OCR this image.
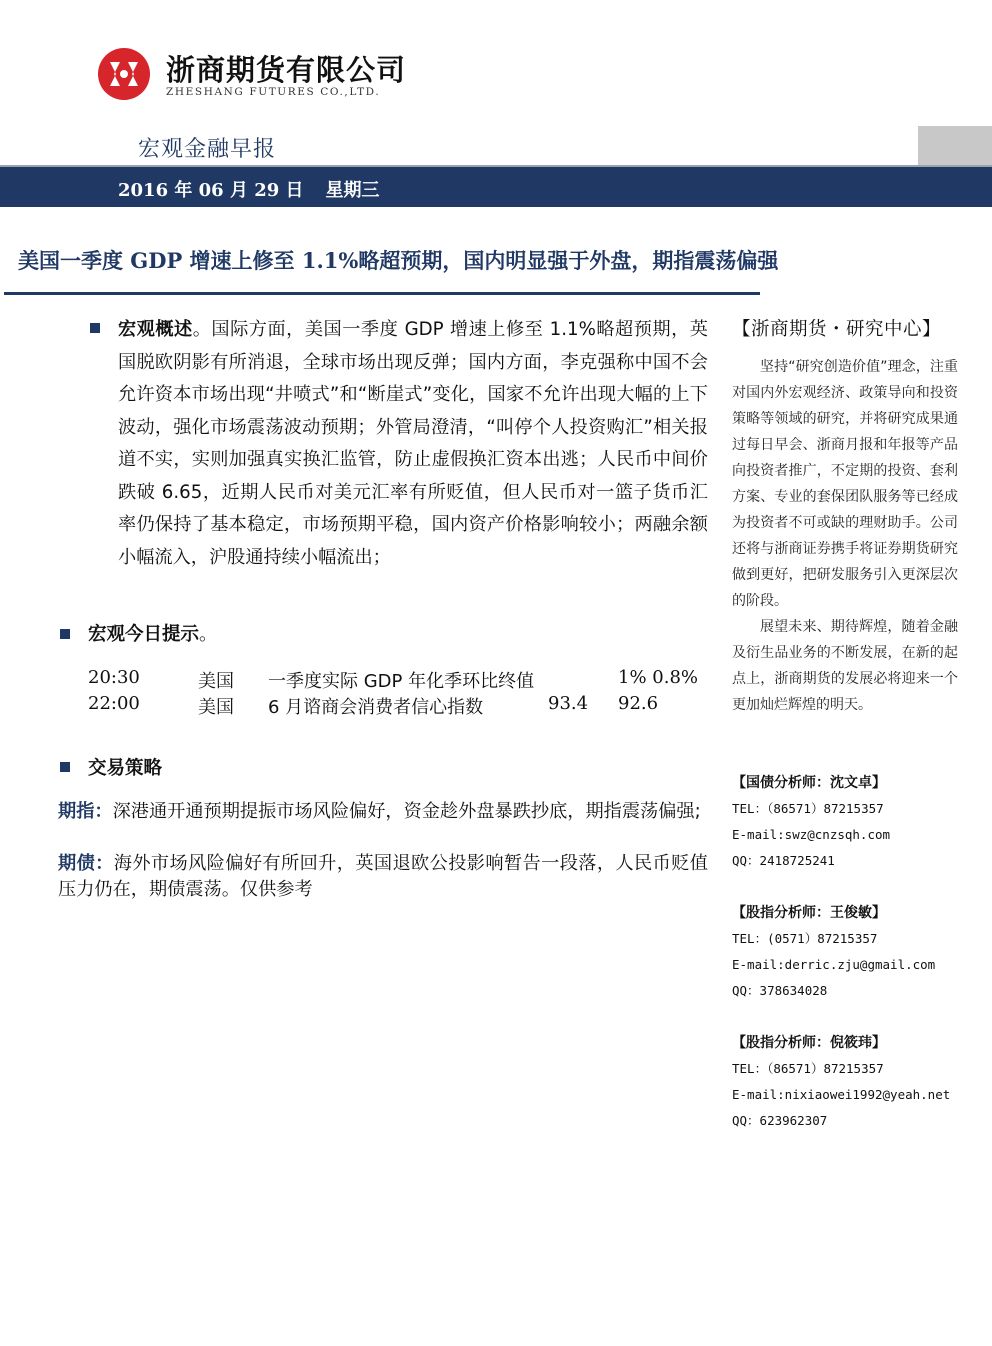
浙商期货有限公司
ZHESHANG FUTURES CO.,LTD.
宏观金融早报
2016 年 06 月 29 日 星期三
美国一季度 GDP 增速上修至 1.1%略超预期，国内明显强于外盘，期指震荡偏强
宏观概述。国际方面，美国一季度 GDP 增速上修至 1.1%略超预期，英国脱欧阴影有所消退，全球市场出现反弹；国内方面，李克强称中国不会允许资本市场出现“井喷式”和“断崖式”变化，国家不允许出现大幅的上下波动，强化市场震荡波动预期；外管局澄清，“叫停个人投资购汇”相关报道不实，实则加强真实换汇监管，防止虚假换汇资本出逃；人民币中间价跌破 6.65，近期人民币对美元汇率有所贬值，但人民币对一篮子货币汇率仍保持了基本稳定，市场预期平稳，国内资产价格影响较小；两融余额小幅流入，沪股通持续小幅流出；
宏观今日提示。
20:30	美国 一季度实际 GDP 年化季环比终值	1% 0.8%
22:00	美国 6 月谘商会消费者信心指数	93.4 92.6
交易策略
期指：深港通开通预期提振市场风险偏好，资金趁外盘暴跌抄底，期指震荡偏强;
期债：海外市场风险偏好有所回升，英国退欧公投影响暂告一段落，人民币贬值压力仍在，期债震荡。仅供参考
【浙商期货・研究中心】
坚持“研究创造价值”理念，注重对国内外宏观经济、政策导向和投资策略等领域的研究，并将研究成果通过每日早会、浙商月报和年报等产品向投资者推广，不定期的投资、套利方案、专业的套保团队服务等已经成为投资者不可或缺的理财助手。公司还将与浙商证券携手将证券期货研究做到更好，把研发服务引入更深层次的阶段。
展望未来、期待辉煌，随着金融及衍生品业务的不断发展，在新的起点上，浙商期货的发展必将迎来一个更加灿烂辉煌的明天。
【国债分析师：沈文卓】
TEL：（86571）87215357
E-mail:swz@cnzsqh.com
QQ：2418725241
【股指分析师：王俊敏】
TEL：(0571）87215357
E-mail:derric.zju@gmail.com
QQ：378634028
【股指分析师：倪筱玮】
TEL：（86571）87215357
E-mail:nixiaowei1992@yeah.net
QQ：623962307
